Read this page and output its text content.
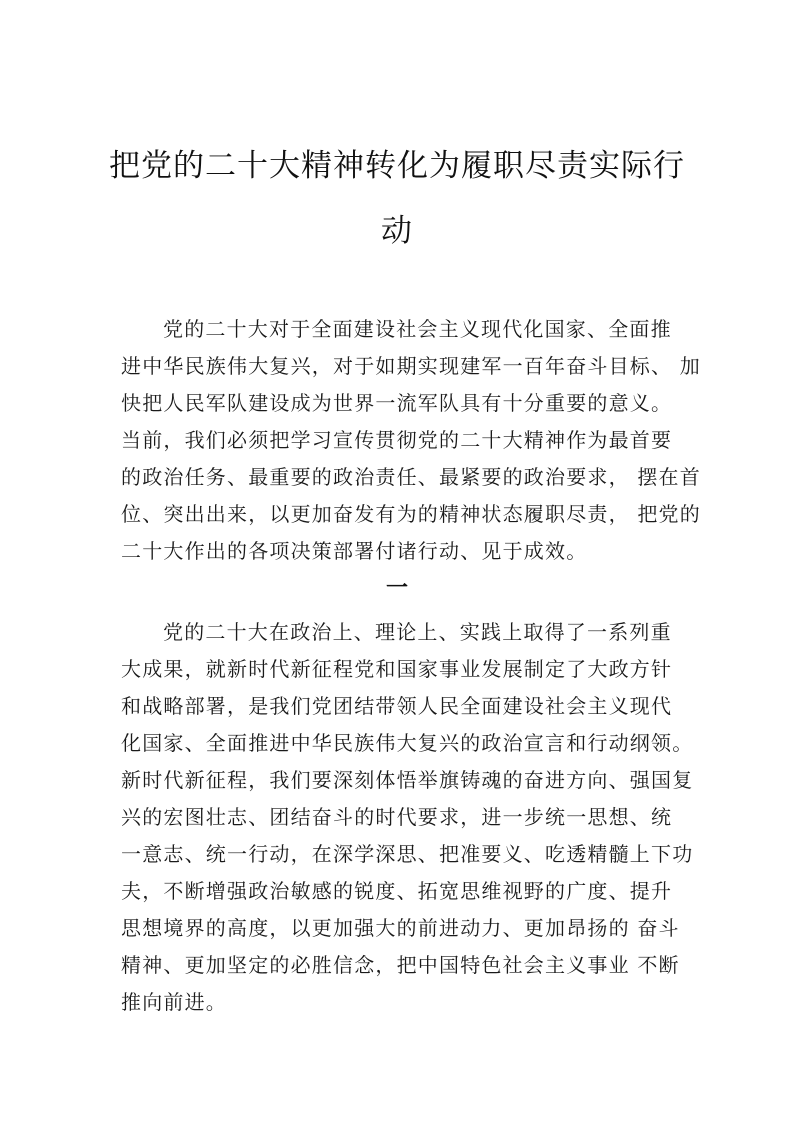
把党的二十大精神转化为履职尽责实际行
动
党的二十大对于全面建设社会主义现代化国家、全面推
进中华民族伟大复兴，对于如期实现建军一百年奋斗目标、 加
快把人民军队建设成为世界一流军队具有十分重要的意义。
当前，我们必须把学习宣传贯彻党的二十大精神作为最首要
的政治任务、最重要的政治责任、最紧要的政治要求， 摆在首
位、突出出来，以更加奋发有为的精神状态履职尽责， 把党的
二十大作出的各项决策部署付诸行动、见于成效。
一
党的二十大在政治上、理论上、实践上取得了一系列重
大成果，就新时代新征程党和国家事业发展制定了大政方针
和战略部署，是我们党团结带领人民全面建设社会主义现代
化国家、全面推进中华民族伟大复兴的政治宣言和行动纲领。
新时代新征程，我们要深刻体悟举旗铸魂的奋进方向、强国复
兴的宏图壮志、团结奋斗的时代要求，进一步统一思想、统
一意志、统一行动，在深学深思、把准要义、吃透精髓上下功
夫，不断增强政治敏感的锐度、拓宽思维视野的广度、提升
思想境界的高度，以更加强大的前进动力、更加昂扬的 奋斗
精神、更加坚定的必胜信念，把中国特色社会主义事业 不断
推向前进。
